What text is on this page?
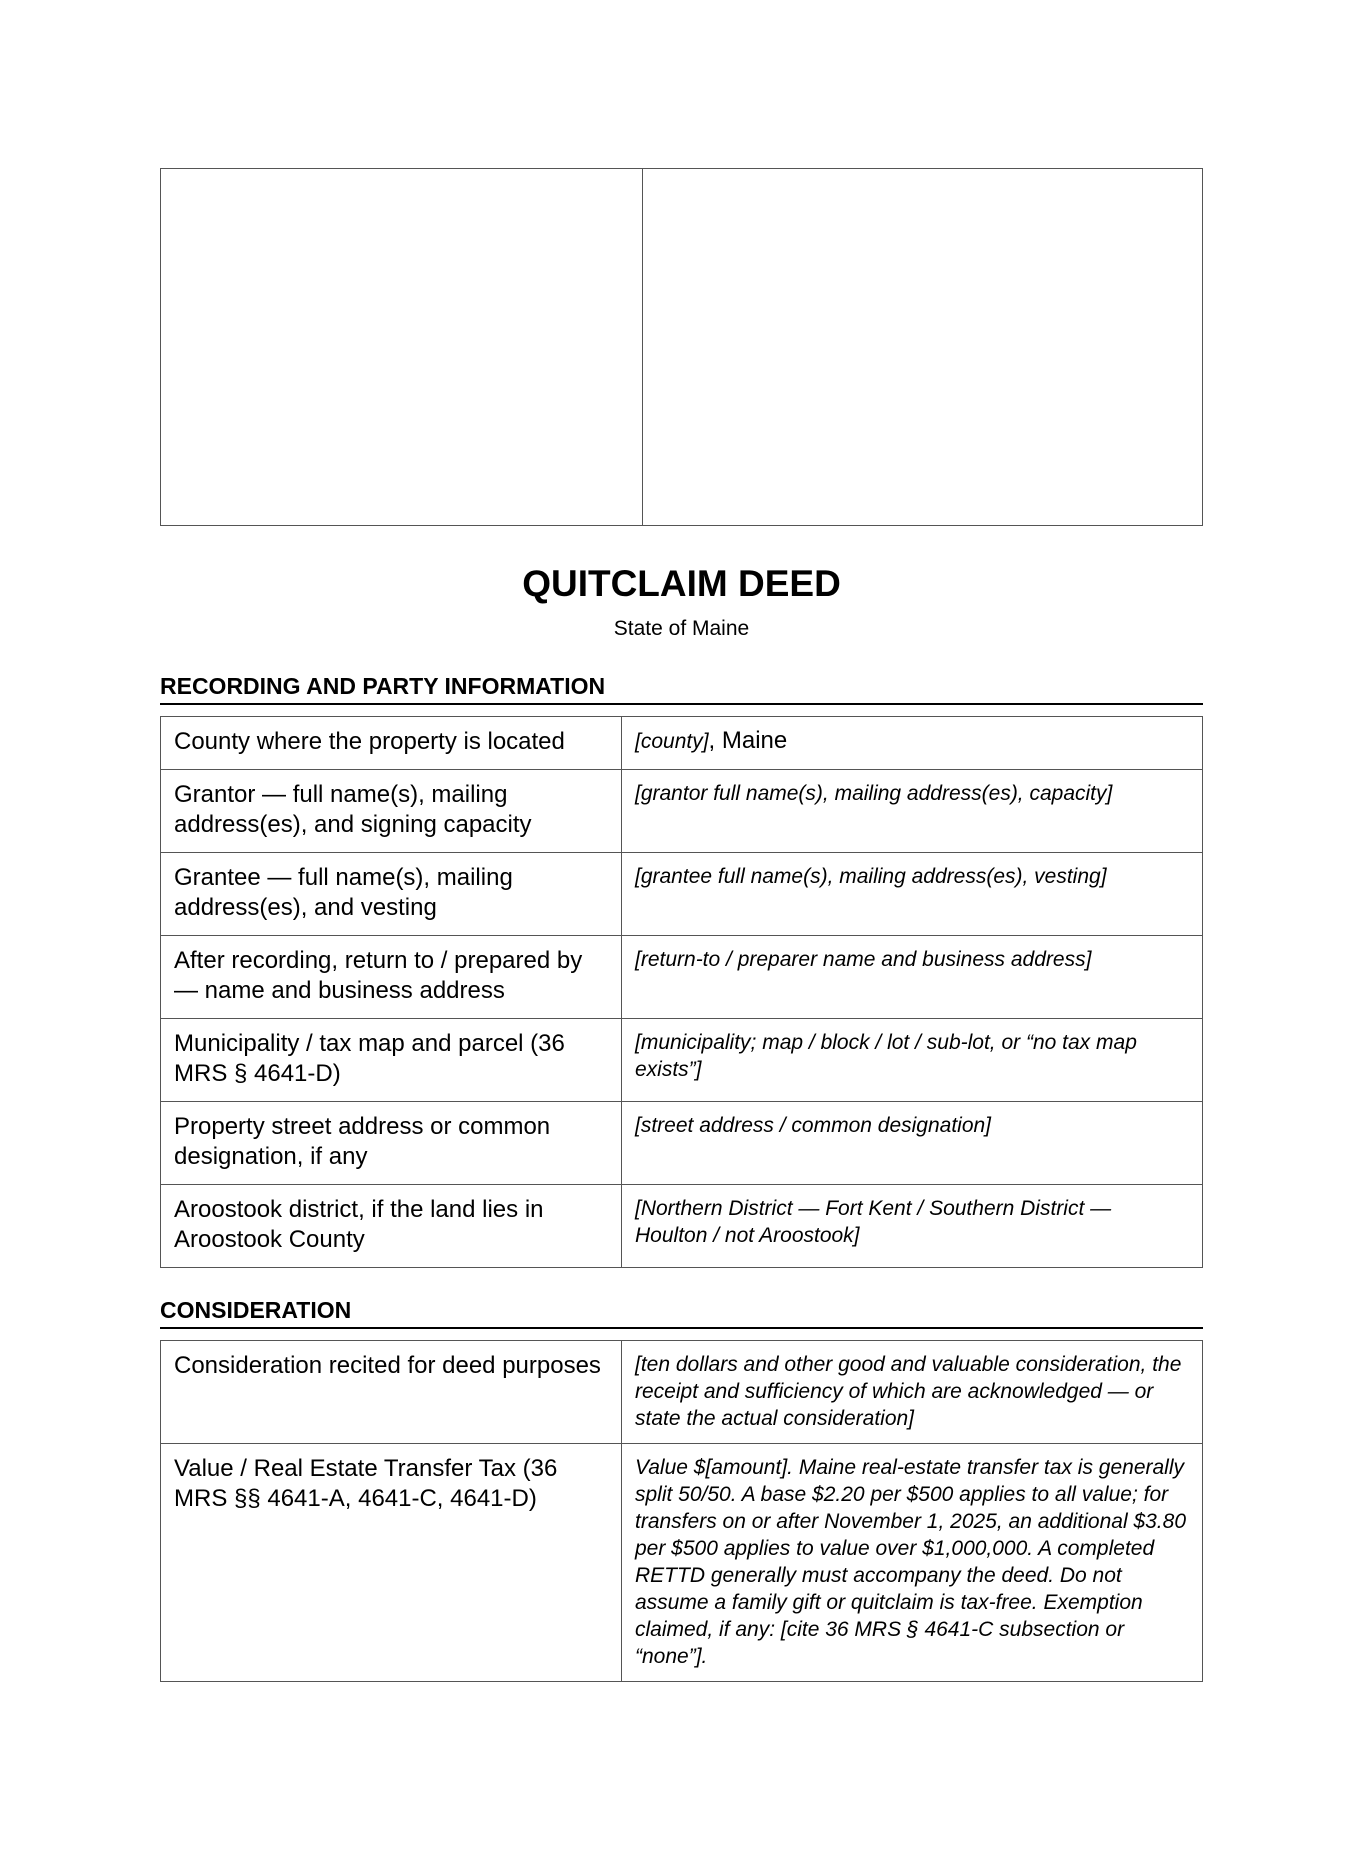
QUITCLAIM DEED
State of Maine
RECORDING AND PARTY INFORMATION
County where the property is located	[county], Maine
Grantor — full name(s), mailing address(es), and signing capacity	[grantor full name(s), mailing address(es), capacity]
Grantee — full name(s), mailing address(es), and vesting	[grantee full name(s), mailing address(es), vesting]
After recording, return to / prepared by — name and business address	[return-to / preparer name and business address]
Municipality / tax map and parcel (36 MRS § 4641-D)	[municipality; map / block / lot / sub-lot, or “no tax map exists”]
Property street address or common designation, if any	[street address / common designation]
Aroostook district, if the land lies in Aroostook County	[Northern District — Fort Kent / Southern District — Houlton / not Aroostook]
CONSIDERATION
Consideration recited for deed purposes	[ten dollars and other good and valuable consideration, the receipt and sufficiency of which are acknowledged — or state the actual consideration]
Value / Real Estate Transfer Tax (36 MRS §§ 4641-A, 4641-C, 4641-D)	Value $[amount]. Maine real-estate transfer tax is generally split 50/50. A base $2.20 per $500 applies to all value; for transfers on or after November 1, 2025, an additional $3.80 per $500 applies to value over $1,000,000. A completed RETTD generally must accompany the deed. Do not assume a family gift or quitclaim is tax-free. Exemption claimed, if any: [cite 36 MRS § 4641-C subsection or “none”].
